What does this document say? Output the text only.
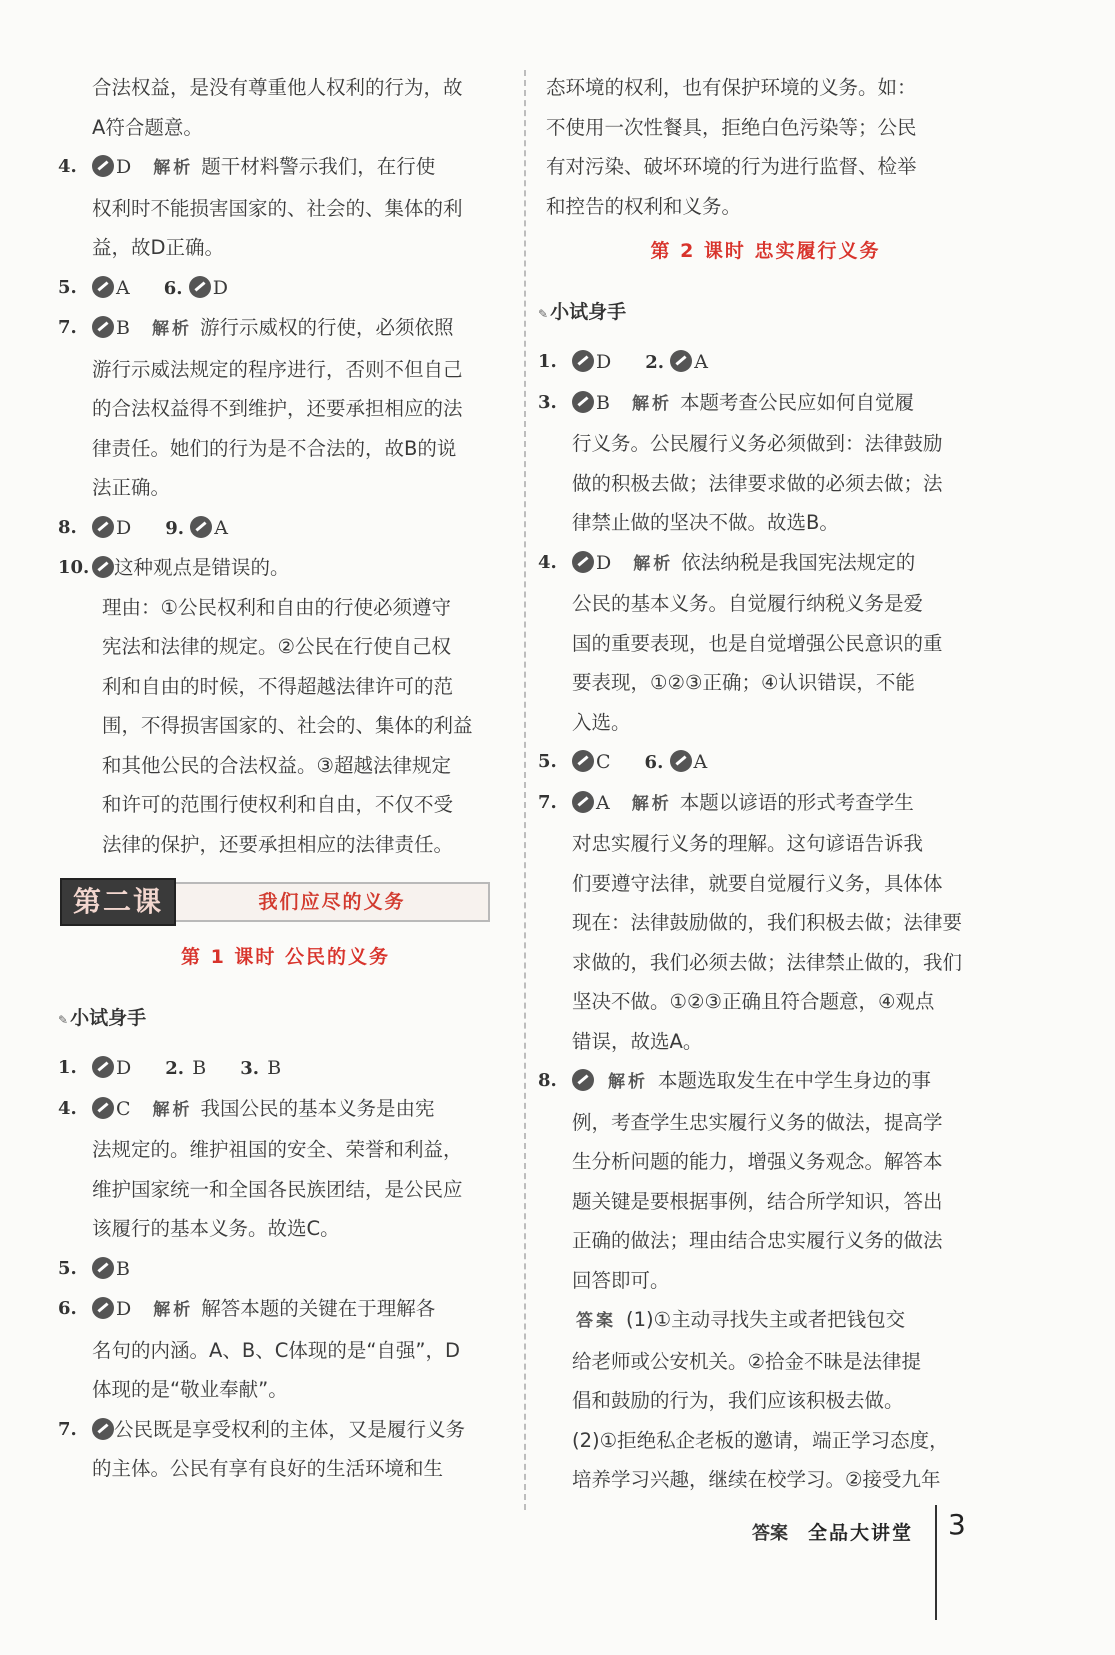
合法权益，是没有尊重他人权利的行为，故
A符合题意。
4.	D 解析 题干材料警示我们，在行使
权利时不能损害国家的、社会的、集体的利
益，故D正确。
5.	A 6. D
7.	B 解析 游行示威权的行使，必须依照
游行示威法规定的程序进行，否则不但自己
的合法权益得不到维护，还要承担相应的法
律责任。她们的行为是不合法的，故B的说
法正确。
8.	D 9. A
10.	这种观点是错误的。
理由：①公民权利和自由的行使必须遵守
宪法和法律的规定。②公民在行使自己权
利和自由的时候，不得超越法律许可的范
围，不得损害国家的、社会的、集体的利益
和其他公民的合法权益。③超越法律规定
和许可的范围行使权利和自由，不仅不受
法律的保护，还要承担相应的法律责任。
第二课	我们应尽的义务
第 1 课时 公民的义务
✎ 小试身手
1.	D 2. B 3. B
4.	C 解析 我国公民的基本义务是由宪
法规定的。维护祖国的安全、荣誉和利益，
维护国家统一和全国各民族团结，是公民应
该履行的基本义务。故选C。
5.	B
6.	D 解析 解答本题的关键在于理解各
名句的内涵。A、B、C体现的是“自强”，D
体现的是“敬业奉献”。
7.	公民既是享受权利的主体，又是履行义务
的主体。公民有享有良好的生活环境和生
态环境的权利，也有保护环境的义务。如：
不使用一次性餐具，拒绝白色污染等；公民
有对污染、破坏环境的行为进行监督、检举
和控告的权利和义务。
第 2 课时 忠实履行义务
✎ 小试身手
1.	D 2. A
3.	B 解析 本题考查公民应如何自觉履
行义务。公民履行义务必须做到：法律鼓励
做的积极去做；法律要求做的必须去做；法
律禁止做的坚决不做。故选B。
4.	D 解析 依法纳税是我国宪法规定的
公民的基本义务。自觉履行纳税义务是爱
国的重要表现，也是自觉增强公民意识的重
要表现，①②③正确；④认识错误，不能
入选。
5.	C 6. A
7.	A 解析 本题以谚语的形式考查学生
对忠实履行义务的理解。这句谚语告诉我
们要遵守法律，就要自觉履行义务，具体体
现在：法律鼓励做的，我们积极去做；法律要
求做的，我们必须去做；法律禁止做的，我们
坚决不做。①②③正确且符合题意，④观点
错误，故选A。
8.	解析 本题选取发生在中学生身边的事
例，考查学生忠实履行义务的做法，提高学
生分析问题的能力，增强义务观念。解答本
题关键是要根据事例，结合所学知识，答出
正确的做法；理由结合忠实履行义务的做法
回答即可。
答案 (1)①主动寻找失主或者把钱包交
给老师或公安机关。②拾金不昧是法律提
倡和鼓励的行为，我们应该积极去做。
(2)①拒绝私企老板的邀请，端正学习态度，
培养学习兴趣，继续在校学习。②接受九年
答案 全品大讲堂 3
